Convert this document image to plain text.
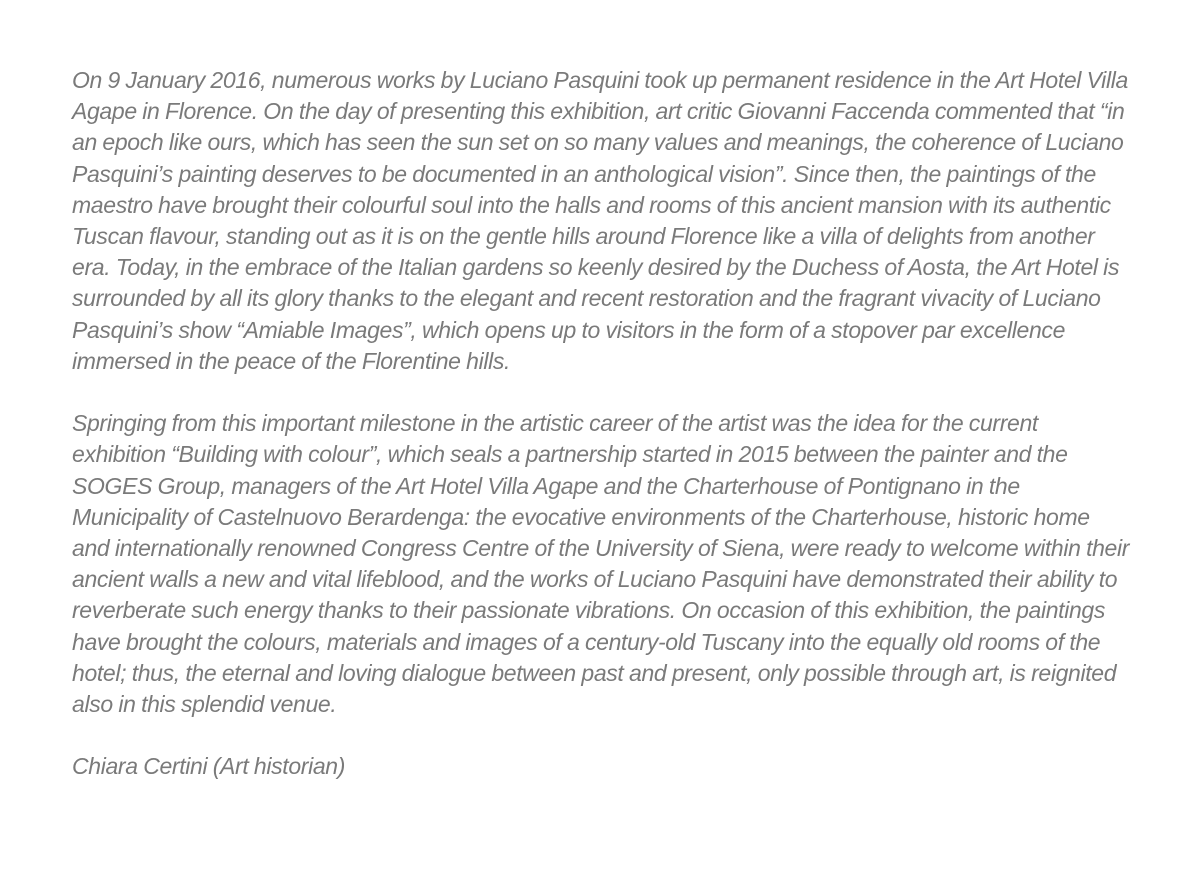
On 9 January 2016, numerous works by Luciano Pasquini took up permanent residence in the Art Hotel Villa Agape in Florence. On the day of presenting this exhibition, art critic Giovanni Faccenda commented that “in an epoch like ours, which has seen the sun set on so many values and meanings, the coherence of Luciano Pasquini’s painting deserves to be documented in an anthological vision”. Since then, the paintings of the maestro have brought their colourful soul into the halls and rooms of this ancient mansion with its authentic Tuscan flavour, standing out as it is on the gentle hills around Florence like a villa of delights from another era. Today, in the embrace of the Italian gardens so keenly desired by the Duchess of Aosta, the Art Hotel is surrounded by all its glory thanks to the elegant and recent restoration and the fragrant vivacity of Luciano Pasquini’s show “Amiable Images”, which opens up to visitors in the form of a stopover par excellence immersed in the peace of the Florentine hills.

Springing from this important milestone in the artistic career of the artist was the idea for the current exhibition “Building with colour”, which seals a partnership started in 2015 between the painter and the SOGES Group, managers of the Art Hotel Villa Agape and the Charterhouse of Pontignano in the Municipality of Castelnuovo Berardenga: the evocative environments of the Charterhouse, historic home and internationally renowned Congress Centre of the University of Siena, were ready to welcome within their ancient walls a new and vital lifeblood, and the works of Luciano Pasquini have demonstrated their ability to reverberate such energy thanks to their passionate vibrations. On occasion of this exhibition, the paintings have brought the colours, materials and images of a century-old Tuscany into the equally old rooms of the hotel; thus, the eternal and loving dialogue between past and present, only possible through art, is reignited also in this splendid venue.

Chiara Certini (Art historian)
